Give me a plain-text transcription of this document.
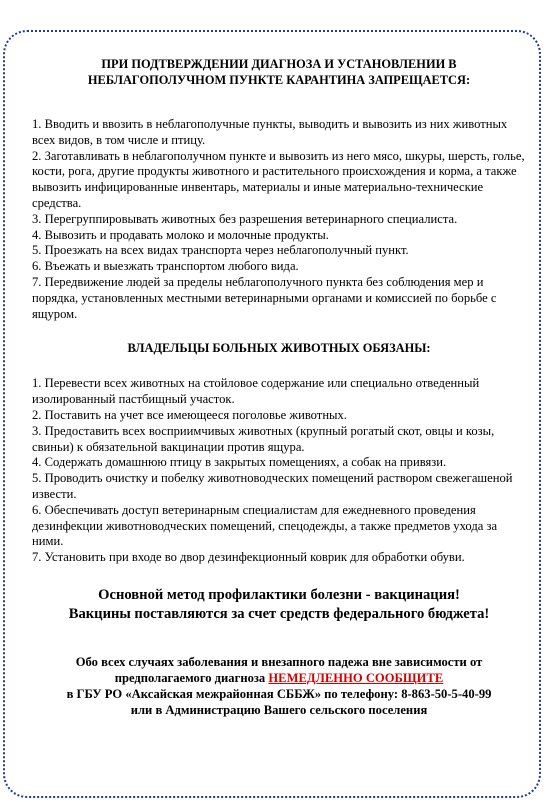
ПРИ ПОДТВЕРЖДЕНИИ ДИАГНОЗА И УСТАНОВЛЕНИИ В
НЕБЛАГОПОЛУЧНОМ ПУНКТЕ КАРАНТИНА ЗАПРЕЩАЕТСЯ:
1. Вводить и ввозить в неблагополучные пункты, выводить и вывозить из них животных всех видов, в том числе и птицу.
2. Заготавливать в неблагополучном пункте и вывозить из него мясо, шкуры, шерсть, голье, кости, рога, другие продукты животного и растительного происхождения и корма, а также вывозить инфицированные инвентарь, материалы и иные материально-технические средства.
3. Перегруппировывать животных без разрешения ветеринарного специалиста.
4. Вывозить и продавать молоко и молочные продукты.
5. Проезжать на всех видах транспорта через неблагополучный пункт.
6. Въежать и выезжать транспортом любого вида.
7. Передвижение людей за пределы неблагополучного пункта без соблюдения мер и порядка, установленных местными ветеринарными органами и комиссией по борьбе с ящуром.
ВЛАДЕЛЬЦЫ БОЛЬНЫХ ЖИВОТНЫХ ОБЯЗАНЫ:
1. Перевести всех животных на стойловое содержание или специально отведенный изолированный пастбищный участок.
2. Поставить на учет все имеющееся поголовье животных.
3. Предоставить всех восприимчивых животных (крупный рогатый скот, овцы и козы, свиньи) к обязательной вакцинации против ящура.
4. Содержать домашнюю птицу в закрытых помещениях, а собак на привязи.
5. Проводить очистку и побелку животноводческих помещений раствором свежегашеной извести.
6. Обеспечивать доступ ветеринарным специалистам для ежедневного проведения дезинфекции животноводческих помещений, спецодежды, а также предметов ухода за ними.
7. Установить при входе во двор дезинфекционный коврик для обработки обуви.
Основной метод профилактики болезни - вакцинация!
Вакцины поставляются за счет средств федерального бюджета!
Обо всех случаях заболевания и внезапного падежа вне зависимости от
предполагаемого диагноза НЕМЕДЛЕННО СООБЩИТЕ
в ГБУ РО «Аксайская межрайонная СББЖ» по телефону: 8-863-50-5-40-99
или в Администрацию Вашего сельского поселения
